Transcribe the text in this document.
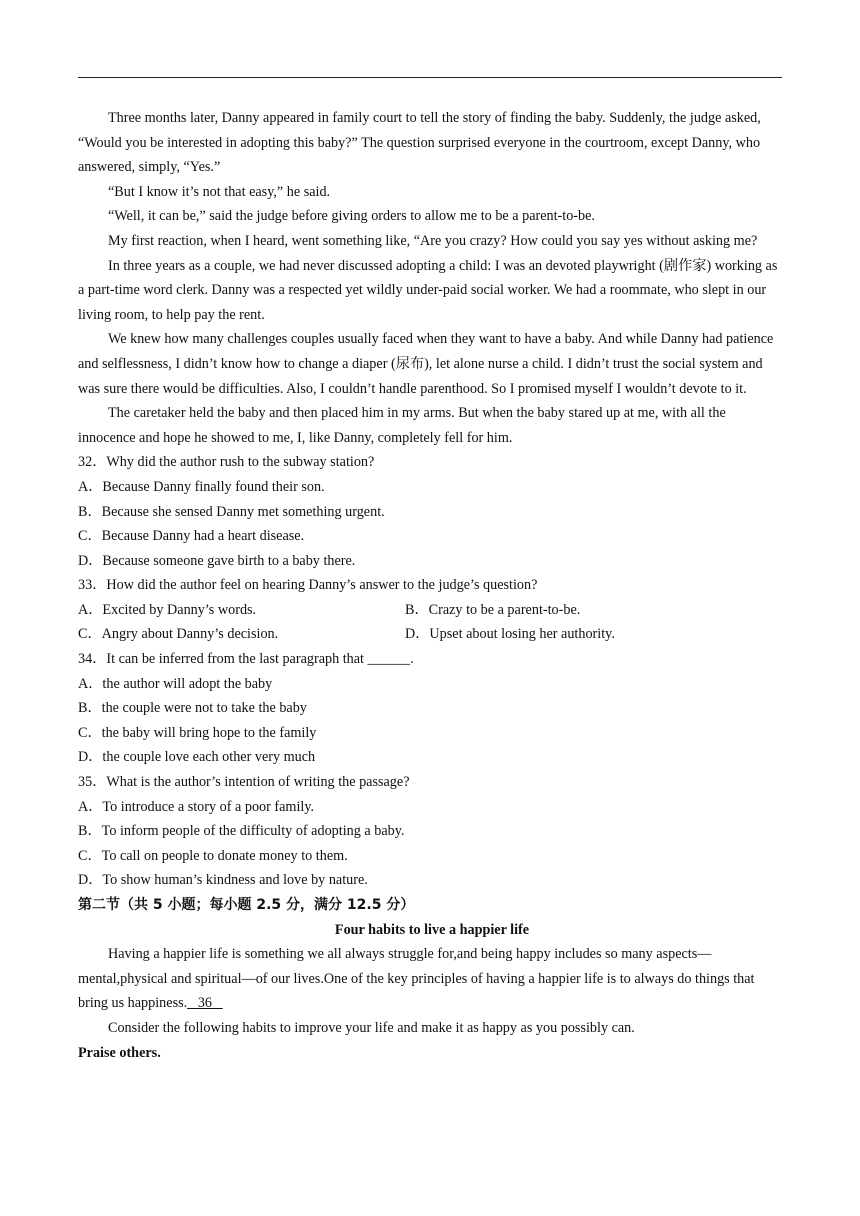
Three months later, Danny appeared in family court to tell the story of finding the baby. Suddenly, the judge asked, “Would you be interested in adopting this baby?” The question surprised everyone in the courtroom, except Danny, who answered, simply, “Yes.”

“But I know it’s not that easy,” he said.

“Well, it can be,” said the judge before giving orders to allow me to be a parent-to-be.

My first reaction, when I heard, went something like, “Are you crazy? How could you say yes without asking me?

In three years as a couple, we had never discussed adopting a child: I was an devoted playwright (剧作家) working as a part-time word clerk. Danny was a respected yet wildly under-paid social worker. We had a roommate, who slept in our living room, to help pay the rent.

We knew how many challenges couples usually faced when they want to have a baby. And while Danny had patience and selflessness, I didn’t know how to change a diaper (尿布), let alone nurse a child. I didn’t trust the social system and was sure there would be difficulties. Also, I couldn’t handle parenthood. So I promised myself I wouldn’t devote to it.

The caretaker held the baby and then placed him in my arms. But when the baby stared up at me, with all the innocence and hope he showed to me, I, like Danny, completely fell for him.

32．Why did the author rush to the subway station?

A．Because Danny finally found their son.

B．Because she sensed Danny met something urgent.

C．Because Danny had a heart disease.

D．Because someone gave birth to a baby there.

33．How did the author feel on hearing Danny’s answer to the judge’s question?

A．Excited by Danny’s words.	B．Crazy to be a parent-to-be.
C．Angry about Danny’s decision.	D．Upset about losing her authority.

34．It can be inferred from the last paragraph that ______.

A．the author will adopt the baby

B．the couple were not to take the baby

C．the baby will bring hope to the family

D．the couple love each other very much

35．What is the author’s intention of writing the passage?

A．To introduce a story of a poor family.

B．To inform people of the difficulty of adopting a baby.

C．To call on people to donate money to them.

D．To show human’s kindness and love by nature.

第二节（共 5 小题；每小题 2.5 分，满分 12.5 分）

Four habits to live a happier life

Having a happier life is something we all always struggle for,and being happy includes so many aspects—mental,physical and spiritual—of our lives.One of the key principles of having a happier life is to always do things that bring us happiness.   36

Consider the following habits to improve your life and make it as happy as you possibly can.

Praise others.
